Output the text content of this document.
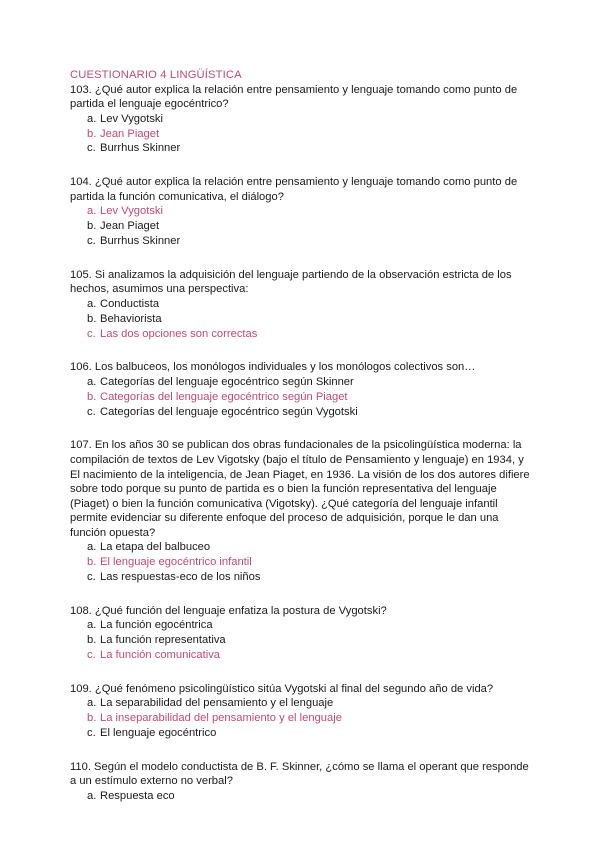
CUESTIONARIO 4 LINGÜÍSTICA

103. ¿Qué autor explica la relación entre pensamiento y lenguaje tomando como punto de partida el lenguaje egocéntrico?

a. Lev Vygotski
b. Jean Piaget
c. Burrhus Skinner

104. ¿Qué autor explica la relación entre pensamiento y lenguaje tomando como punto de partida la función comunicativa, el diálogo?

a. Lev Vygotski
b. Jean Piaget
c. Burrhus Skinner

105. Si analizamos la adquisición del lenguaje partiendo de la observación estricta de los hechos, asumimos una perspectiva:

a. Conductista
b. Behaviorista
c. Las dos opciones son correctas

106. Los balbuceos, los monólogos individuales y los monólogos colectivos son…

a. Categorías del lenguaje egocéntrico según Skinner
b. Categorías del lenguaje egocéntrico según Piaget
c. Categorías del lenguaje egocéntrico según Vygotski

107. En los años 30 se publican dos obras fundacionales de la psicolingüística moderna: la compilación de textos de Lev Vigotsky (bajo el título de Pensamiento y lenguaje) en 1934, y El nacimiento de la inteligencia, de Jean Piaget, en 1936. La visión de los dos autores difiere sobre todo porque su punto de partida es o bien la función representativa del lenguaje (Piaget) o bien la función comunicativa (Vigotsky). ¿Qué categoría del lenguaje infantil permite evidenciar su diferente enfoque del proceso de adquisición, porque le dan una función opuesta?

a. La etapa del balbuceo
b. El lenguaje egocéntrico infantil
c. Las respuestas-eco de los niños

108. ¿Qué función del lenguaje enfatiza la postura de Vygotski?

a. La función egocéntrica
b. La función representativa
c. La función comunicativa

109. ¿Qué fenómeno psicolingüístico sitúa Vygotski al final del segundo año de vida?

a. La separabilidad del pensamiento y el lenguaje
b. La inseparabilidad del pensamiento y el lenguaje
c. El lenguaje egocéntrico

110. Según el modelo conductista de B. F. Skinner, ¿cómo se llama el operant que responde a un estímulo externo no verbal?

a. Respuesta eco
